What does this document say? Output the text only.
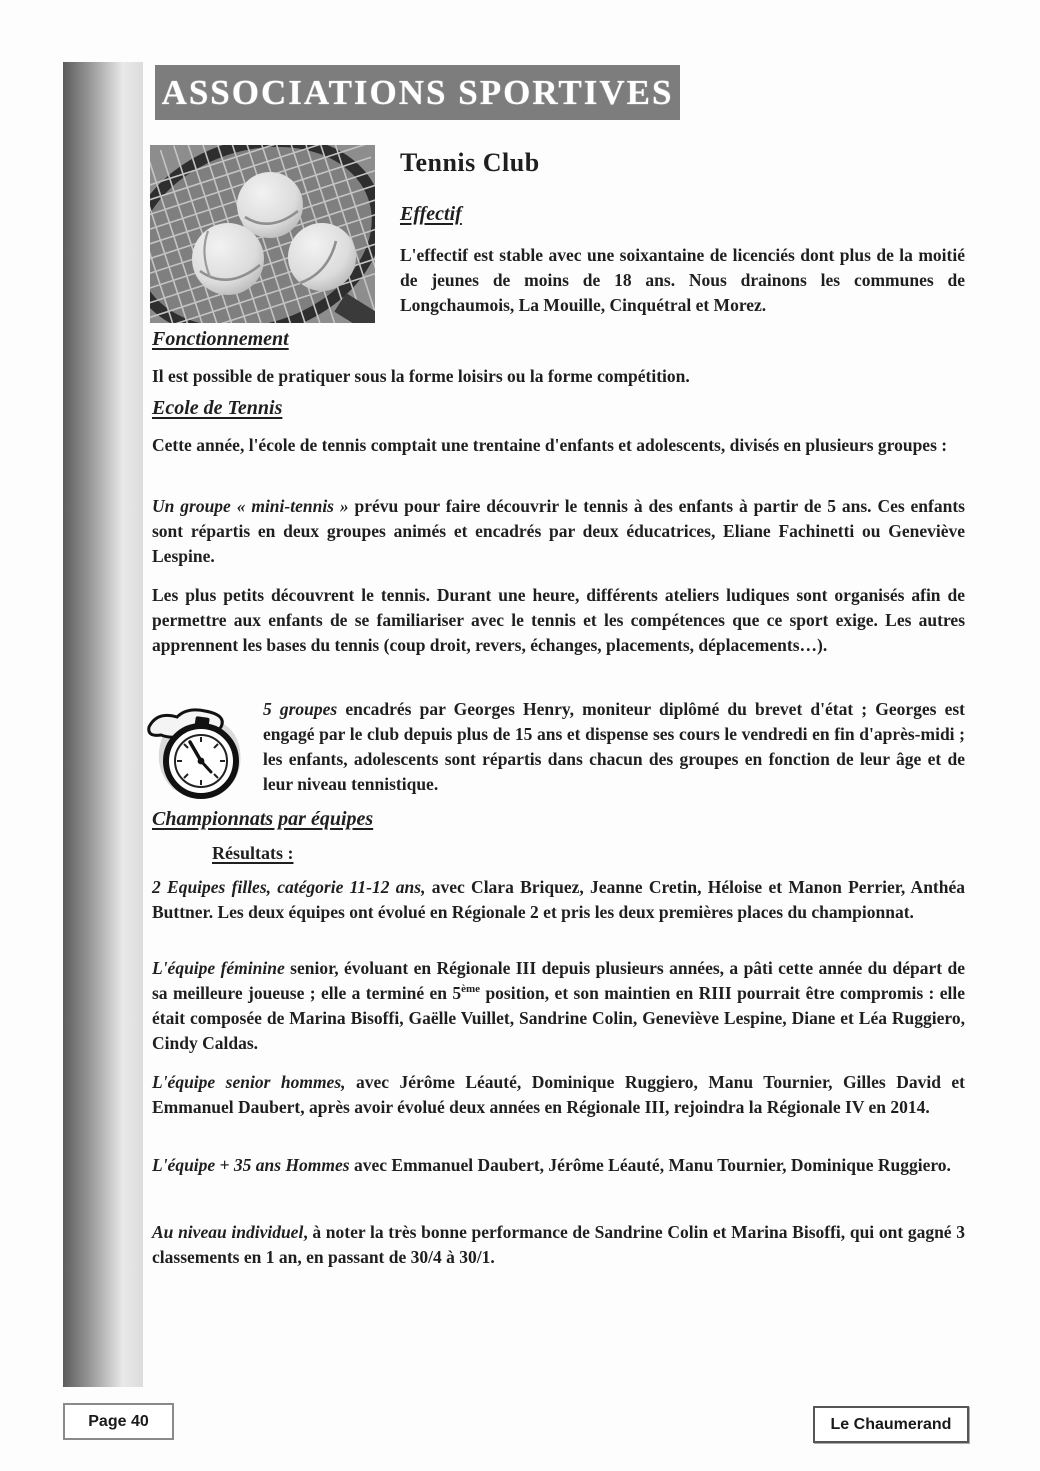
ASSOCIATIONS SPORTIVES
Tennis Club
Effectif
L'effectif est stable avec une soixantaine de licenciés dont plus de la moitié de jeunes de moins de 18 ans. Nous drainons les communes de Longchaumois, La Mouille, Cinquétral et Morez.
Fonctionnement
Il est possible de pratiquer sous la forme loisirs ou la forme compétition.
Ecole de Tennis
Cette année, l'école de tennis comptait une trentaine d'enfants et adolescents, divisés en plusieurs groupes :
Un groupe « mini-tennis » prévu pour faire découvrir le tennis à des enfants à partir de 5 ans. Ces enfants sont répartis en deux groupes animés et encadrés par deux éducatrices, Eliane Fachinetti ou Geneviève Lespine.
Les plus petits découvrent le tennis. Durant une heure, différents ateliers ludiques sont organisés afin de permettre aux enfants de se familiariser avec le tennis et les compétences que ce sport exige. Les autres apprennent les bases du tennis (coup droit, revers, échanges, placements, déplacements…).
5 groupes encadrés par Georges Henry, moniteur diplômé du brevet d'état ; Georges est engagé par le club depuis plus de 15 ans et dispense ses cours le vendredi en fin d'après-midi ; les enfants, adolescents sont répartis dans chacun des groupes en fonction de leur âge et de leur niveau tennistique.
Championnats par équipes
Résultats :
2 Equipes filles, catégorie 11-12 ans, avec Clara Briquez, Jeanne Cretin, Héloise et Manon Perrier, Anthéa Buttner. Les deux équipes ont évolué en Régionale 2 et pris les deux premières places du championnat.
L'équipe féminine senior, évoluant en Régionale III depuis plusieurs années, a pâti cette année du départ de sa meilleure joueuse ; elle a terminé en 5ème position, et son maintien en RIII pourrait être compromis : elle était composée de Marina Bisoffi, Gaëlle Vuillet, Sandrine Colin, Geneviève Lespine, Diane et Léa Ruggiero, Cindy Caldas.
L'équipe senior hommes, avec Jérôme Léauté, Dominique Ruggiero, Manu Tournier, Gilles David et Emmanuel Daubert, après avoir évolué deux années en Régionale III, rejoindra la Régionale IV en 2014.
L'équipe + 35 ans Hommes avec Emmanuel Daubert, Jérôme Léauté, Manu Tournier, Dominique Ruggiero.
Au niveau individuel, à noter la très bonne performance de Sandrine Colin et Marina Bisoffi, qui ont gagné 3 classements en 1 an, en passant de 30/4 à 30/1.
Page 40	Le Chaumerand
